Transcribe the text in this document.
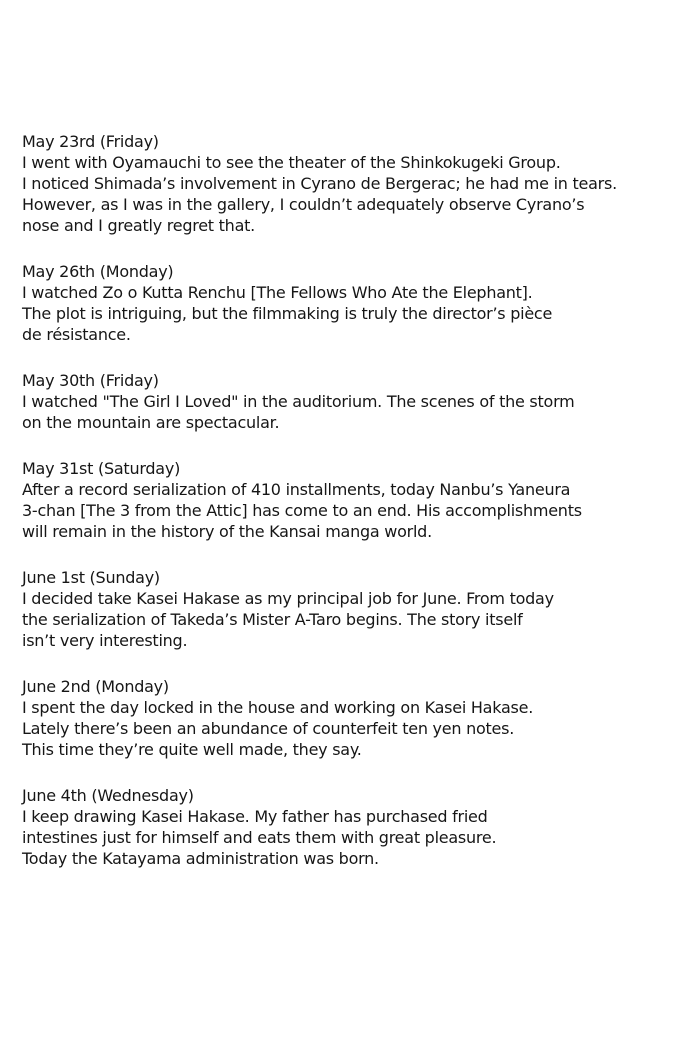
May 23rd (Friday)
I went with Oyamauchi to see the theater of the Shinkokugeki Group.
I noticed Shimada’s involvement in Cyrano de Bergerac; he had me in tears.
However, as I was in the gallery, I couldn’t adequately observe Cyrano’s
nose and I greatly regret that.
May 26th (Monday)
I watched Zo o Kutta Renchu [The Fellows Who Ate the Elephant].
The plot is intriguing, but the filmmaking is truly the director’s pièce
de résistance.
May 30th (Friday)
I watched "The Girl I Loved" in the auditorium. The scenes of the storm
on the mountain are spectacular.
May 31st (Saturday)
After a record serialization of 410 installments, today Nanbu’s Yaneura
3-chan [The 3 from the Attic] has come to an end. His accomplishments
will remain in the history of the Kansai manga world.
June 1st (Sunday)
I decided take Kasei Hakase as my principal job for June. From today
the serialization of Takeda’s Mister A-Taro begins. The story itself
isn’t very interesting.
June 2nd (Monday)
I spent the day locked in the house and working on Kasei Hakase.
Lately there’s been an abundance of counterfeit ten yen notes.
This time they’re quite well made, they say.
June 4th (Wednesday)
I keep drawing Kasei Hakase. My father has purchased fried
intestines just for himself and eats them with great pleasure.
Today the Katayama administration was born.
